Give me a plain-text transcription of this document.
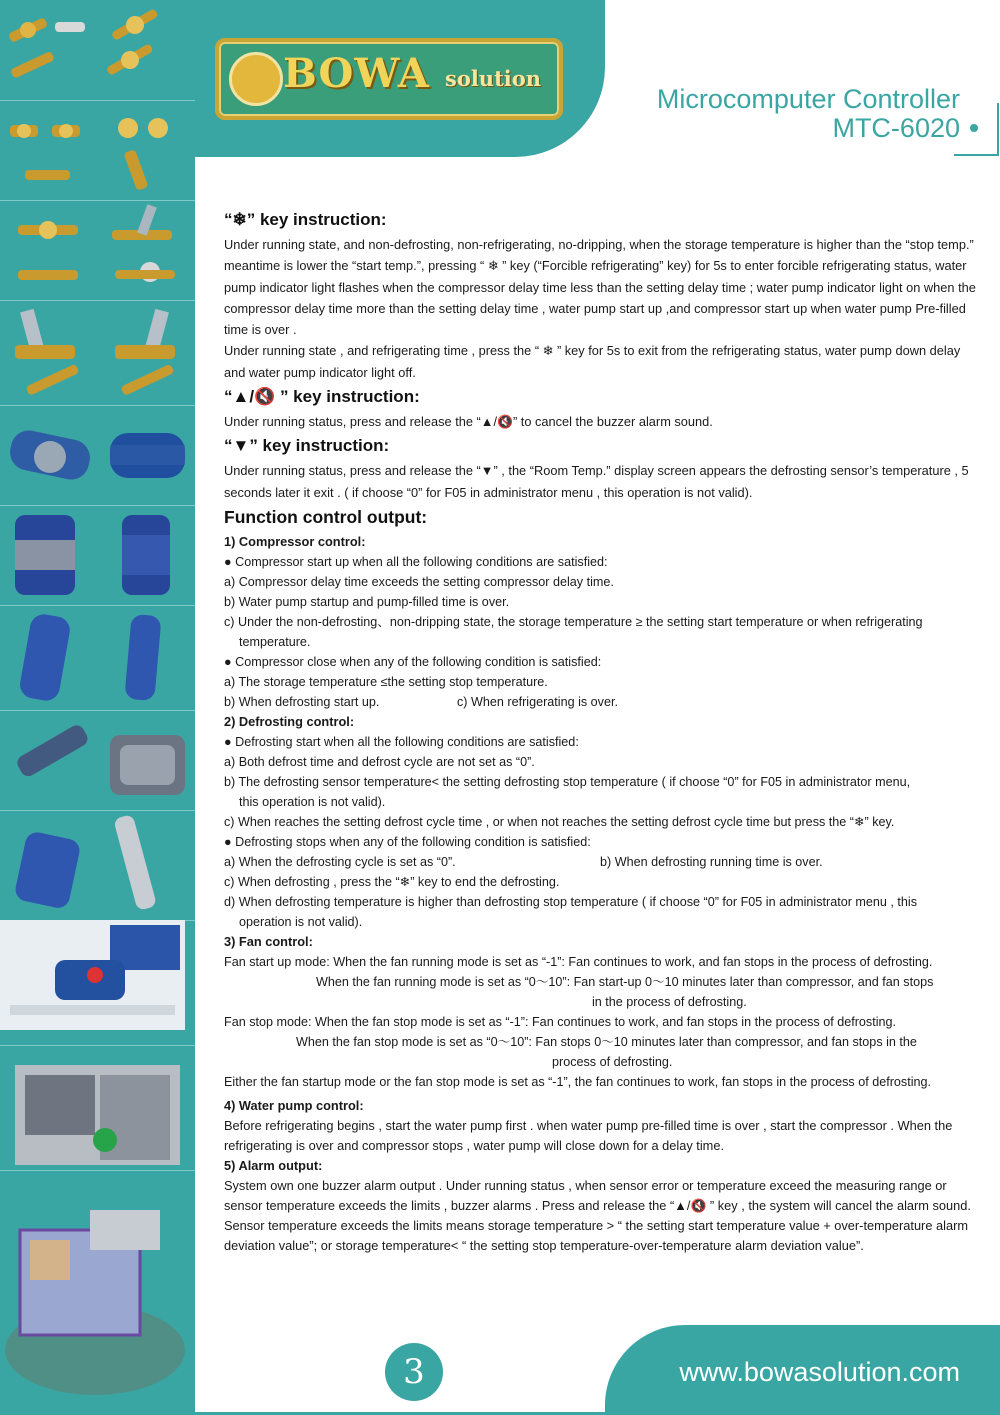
BOWA solution
Microcomputer Controller
MTC-6020
“❄” key instruction:

Under running state, and non-defrosting, non-refrigerating, no-dripping, when the storage temperature is higher than the “stop temp.” meantime is lower the “start temp.”, pressing “ ❄ ” key (“Forcible refrigerating” key) for 5s to enter forcible refrigerating status, water pump indicator light flashes when the compressor delay time less than the setting delay time ; water pump indicator light on when the compressor delay time more than the setting delay time , water pump start up ,and compressor start up when water pump Pre-filled time is over .

Under running state , and refrigerating time , press the “ ❄ ” key for 5s to exit from the refrigerating status, water pump down delay and water pump indicator light off.

“▲/🔇 ” key instruction:

Under running status, press and release the “▲/🔇” to cancel the buzzer alarm sound.

“▼” key instruction:

Under running status, press and release the “▼” , the “Room Temp.” display screen appears the defrosting sensor’s temperature , 5 seconds later it exit . ( if choose “0” for F05 in administrator menu , this operation is not valid).

Function control output:
1) Compressor control:
● Compressor start up when all the following conditions are satisfied:
a) Compressor delay time exceeds the setting compressor delay time.
b) Water pump startup and pump-filled time is over.
c) Under the non-defrosting、non-dripping state, the storage temperature ≥ the setting start temperature or when refrigerating
temperature.
● Compressor close when any of the following condition is satisfied:
a) The storage temperature ≤the setting stop temperature.
b) When defrosting start up.	c) When refrigerating is over.
2) Defrosting control:
● Defrosting start when all the following conditions are satisfied:
a) Both defrost time and defrost cycle are not set as “0”.
b) The defrosting sensor temperature< the setting defrosting stop temperature ( if choose “0” for F05 in administrator menu,
this operation is not valid).
c) When reaches the setting defrost cycle time , or when not reaches the setting defrost cycle time but press the “❄” key.
● Defrosting stops when any of the following condition is satisfied:
a) When the defrosting cycle is set as “0”.	b) When defrosting running time is over.
c) When defrosting , press the “❄” key to end the defrosting.
d) When defrosting temperature is higher than defrosting stop temperature ( if choose “0” for F05 in administrator menu , this
operation is not valid).
3) Fan control:
Fan start up mode: When the fan running mode is set as “-1”: Fan continues to work, and fan stops in the process of defrosting.
When the fan running mode is set as “0～10”: Fan start-up 0～10 minutes later than compressor, and fan stops
in the process of defrosting.
Fan stop mode: When the fan stop mode is set as “-1”: Fan continues to work, and fan stops in the process of defrosting.
When the fan stop mode is set as “0～10”: Fan stops 0～10 minutes later than compressor, and fan stops in the
process of defrosting.
Either the fan startup mode or the fan stop mode is set as “-1”, the fan continues to work, fan stops in the process of defrosting.
4) Water pump control:

Before refrigerating begins , start the water pump first . when water pump pre-filled time is over , start the compressor . When the refrigerating is over and compressor stops , water pump will close down for a delay time.

5) Alarm output:

System own one buzzer alarm output . Under running status , when sensor error or temperature exceed the measuring range or sensor temperature exceeds the limits , buzzer alarms . Press and release the “▲/🔇 ” key , the system will cancel the alarm sound.

Sensor temperature exceeds the limits means storage temperature > “ the setting start temperature value + over-temperature alarm deviation value”; or storage temperature< “ the setting stop temperature-over-temperature alarm deviation value”.

3	www.bowasolution.com
